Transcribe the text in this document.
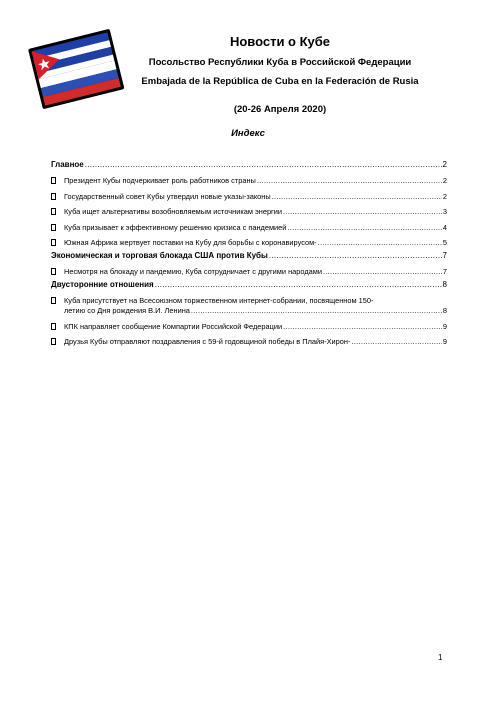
Новости о Кубе
Посольство Республики Куба в Российской Федерации
Embajada de la República de Cuba en la Federación de Rusia
(20-26 Апреля 2020)
Индекс
Главное .....	2
Президент Кубы подчеркивает роль работников страны .....	2
Государственный совет Кубы утвердил новые указы-законы .....	2
Куба ищет альтернативы возобновляемым источникам энергии .....	3
Куба призывает к эффективному решению кризиса с пандемией .....	4
Южная Африка жертвует поставки на Кубу для борьбы с коронавирусом- .....	5
Экономическая и торговая блокада США против Кубы .....	7
Несмотря на блокаду и пандемию, Куба сотрудничает с другими народами .....	7
Двусторонние отношения .....	8
Куба присутствует на Всесоюзном торжественном интернет-собрании, посвященном 150-
летию со Дня рождения В.И. Ленина .....	8
КПК направляет сообщение Компартии Российской Федерации .....	9
Друзья Кубы отправляют поздравления с 59-й годовщиной победы в Плайя-Хирон- .....	9
1
